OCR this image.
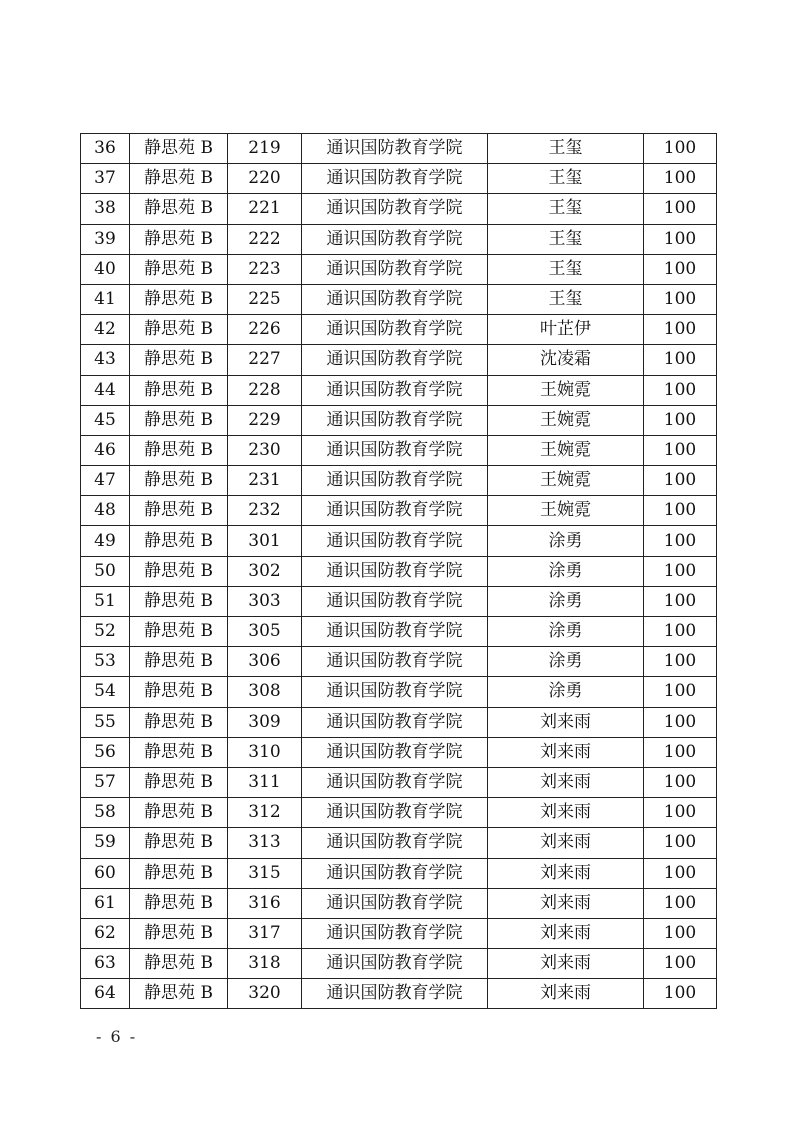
36	静思苑 B	219	通识国防教育学院	王玺	100
37	静思苑 B	220	通识国防教育学院	王玺	100
38	静思苑 B	221	通识国防教育学院	王玺	100
39	静思苑 B	222	通识国防教育学院	王玺	100
40	静思苑 B	223	通识国防教育学院	王玺	100
41	静思苑 B	225	通识国防教育学院	王玺	100
42	静思苑 B	226	通识国防教育学院	叶芷伊	100
43	静思苑 B	227	通识国防教育学院	沈凌霜	100
44	静思苑 B	228	通识国防教育学院	王婉霓	100
45	静思苑 B	229	通识国防教育学院	王婉霓	100
46	静思苑 B	230	通识国防教育学院	王婉霓	100
47	静思苑 B	231	通识国防教育学院	王婉霓	100
48	静思苑 B	232	通识国防教育学院	王婉霓	100
49	静思苑 B	301	通识国防教育学院	涂勇	100
50	静思苑 B	302	通识国防教育学院	涂勇	100
51	静思苑 B	303	通识国防教育学院	涂勇	100
52	静思苑 B	305	通识国防教育学院	涂勇	100
53	静思苑 B	306	通识国防教育学院	涂勇	100
54	静思苑 B	308	通识国防教育学院	涂勇	100
55	静思苑 B	309	通识国防教育学院	刘来雨	100
56	静思苑 B	310	通识国防教育学院	刘来雨	100
57	静思苑 B	311	通识国防教育学院	刘来雨	100
58	静思苑 B	312	通识国防教育学院	刘来雨	100
59	静思苑 B	313	通识国防教育学院	刘来雨	100
60	静思苑 B	315	通识国防教育学院	刘来雨	100
61	静思苑 B	316	通识国防教育学院	刘来雨	100
62	静思苑 B	317	通识国防教育学院	刘来雨	100
63	静思苑 B	318	通识国防教育学院	刘来雨	100
64	静思苑 B	320	通识国防教育学院	刘来雨	100
- 6 -
